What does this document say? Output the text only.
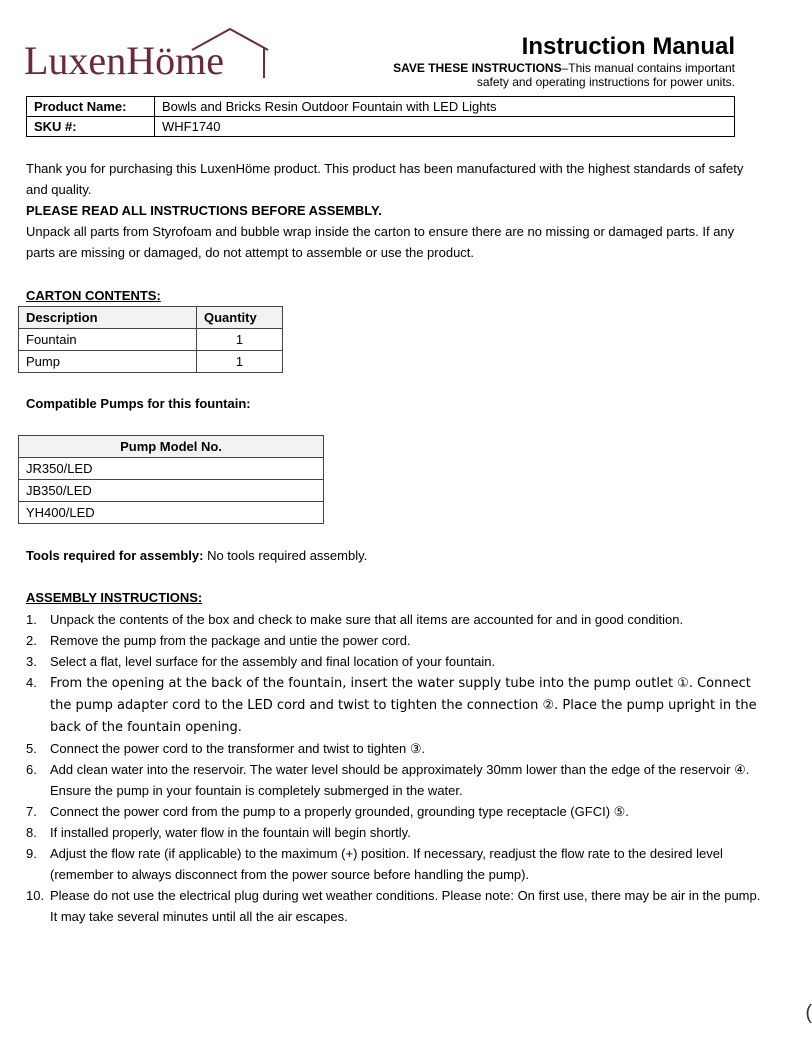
LuxenHöme	Instruction Manual
SAVE THESE INSTRUCTIONS–This manual contains important
safety and operating instructions for power units.
Product Name:	Bowls and Bricks Resin Outdoor Fountain with LED Lights
SKU #:	WHF1740

Thank you for purchasing this LuxenHöme product. This product has been manufactured with the highest standards of safety and quality.

PLEASE READ ALL INSTRUCTIONS BEFORE ASSEMBLY.

Unpack all parts from Styrofoam and bubble wrap inside the carton to ensure there are no missing or damaged parts. If any parts are missing or damaged, do not attempt to assemble or use the product.

CARTON CONTENTS:
Description	Quantity
Fountain	1
Pump	1
Compatible Pumps for this fountain:
Pump Model No.
JR350/LED
JB350/LED
YH400/LED
Tools required for assembly: No tools required assembly.
ASSEMBLY INSTRUCTIONS:
1. Unpack the contents of the box and check to make sure that all items are accounted for and in good condition.
2. Remove the pump from the package and untie the power cord.
3. Select a flat, level surface for the assembly and final location of your fountain.
4. From the opening at the back of the fountain, insert the water supply tube into the pump outlet ①. Connect the pump adapter cord to the LED cord and twist to tighten the connection ②. Place the pump upright in the back of the fountain opening.
5. Connect the power cord to the transformer and twist to tighten ③.
6. Add clean water into the reservoir. The water level should be approximately 30mm lower than the edge of the reservoir ④. Ensure the pump in your fountain is completely submerged in the water.
7. Connect the power cord from the pump to a properly grounded, grounding type receptacle (GFCI) ⑤.
8. If installed properly, water flow in the fountain will begin shortly.
9. Adjust the flow rate (if applicable) to the maximum (+) position. If necessary, readjust the flow rate to the desired level (remember to always disconnect from the power source before handling the pump).
10. Please do not use the electrical plug during wet weather conditions. Please note: On first use, there may be air in the pump. It may take several minutes until all the air escapes.
(
